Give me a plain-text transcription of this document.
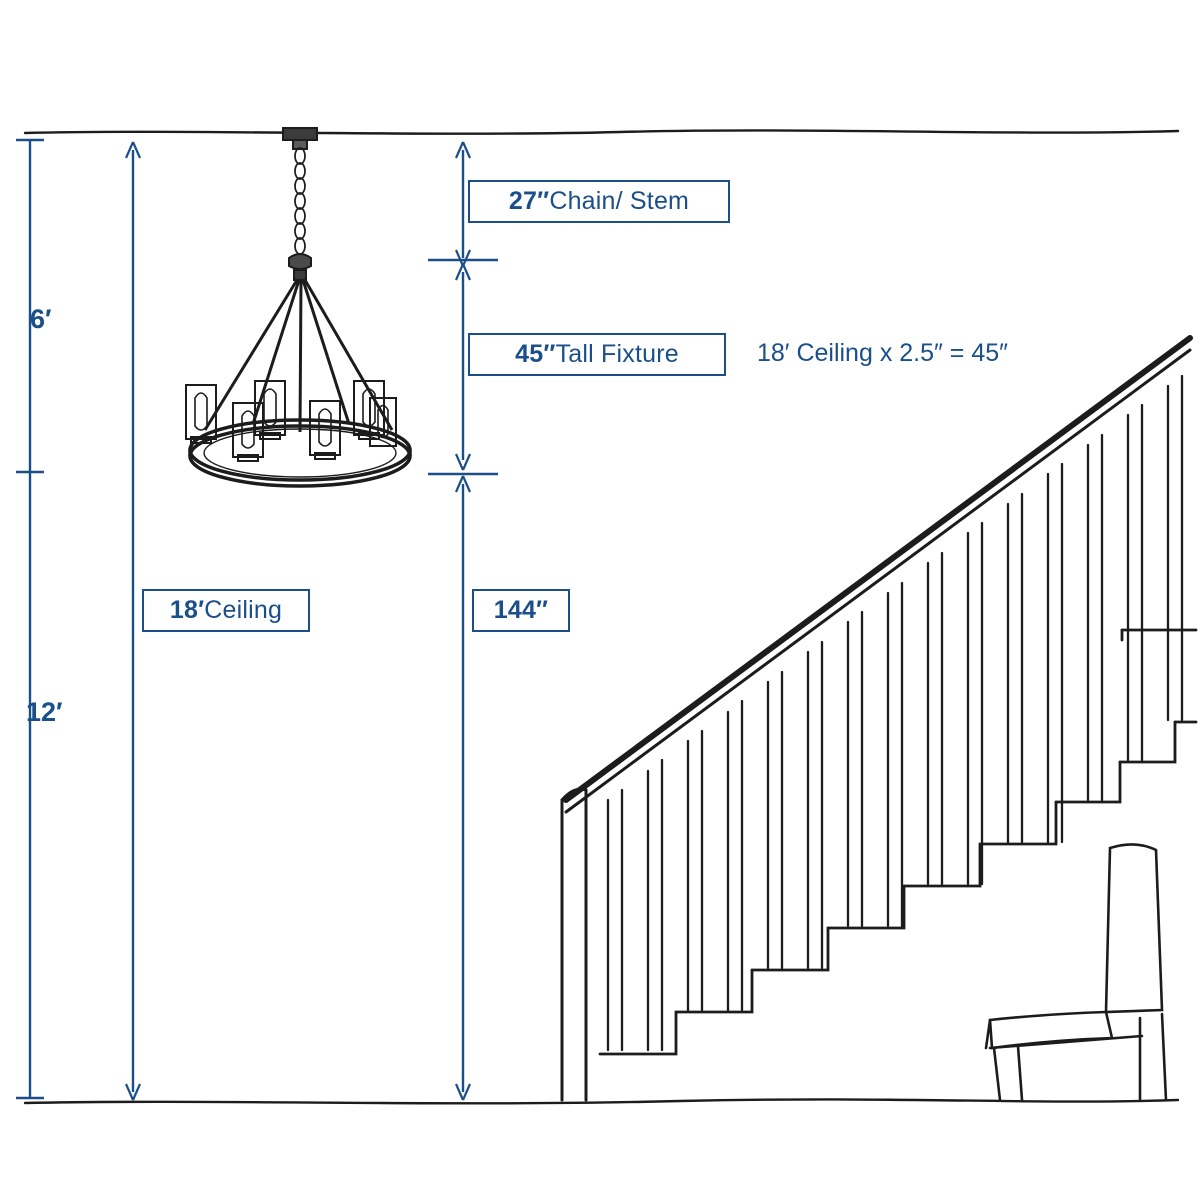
6′
12′
27″ Chain/ Stem
45″ Tall Fixture	18′ Ceiling x 2.5″ = 45″
18′ Ceiling	144″
